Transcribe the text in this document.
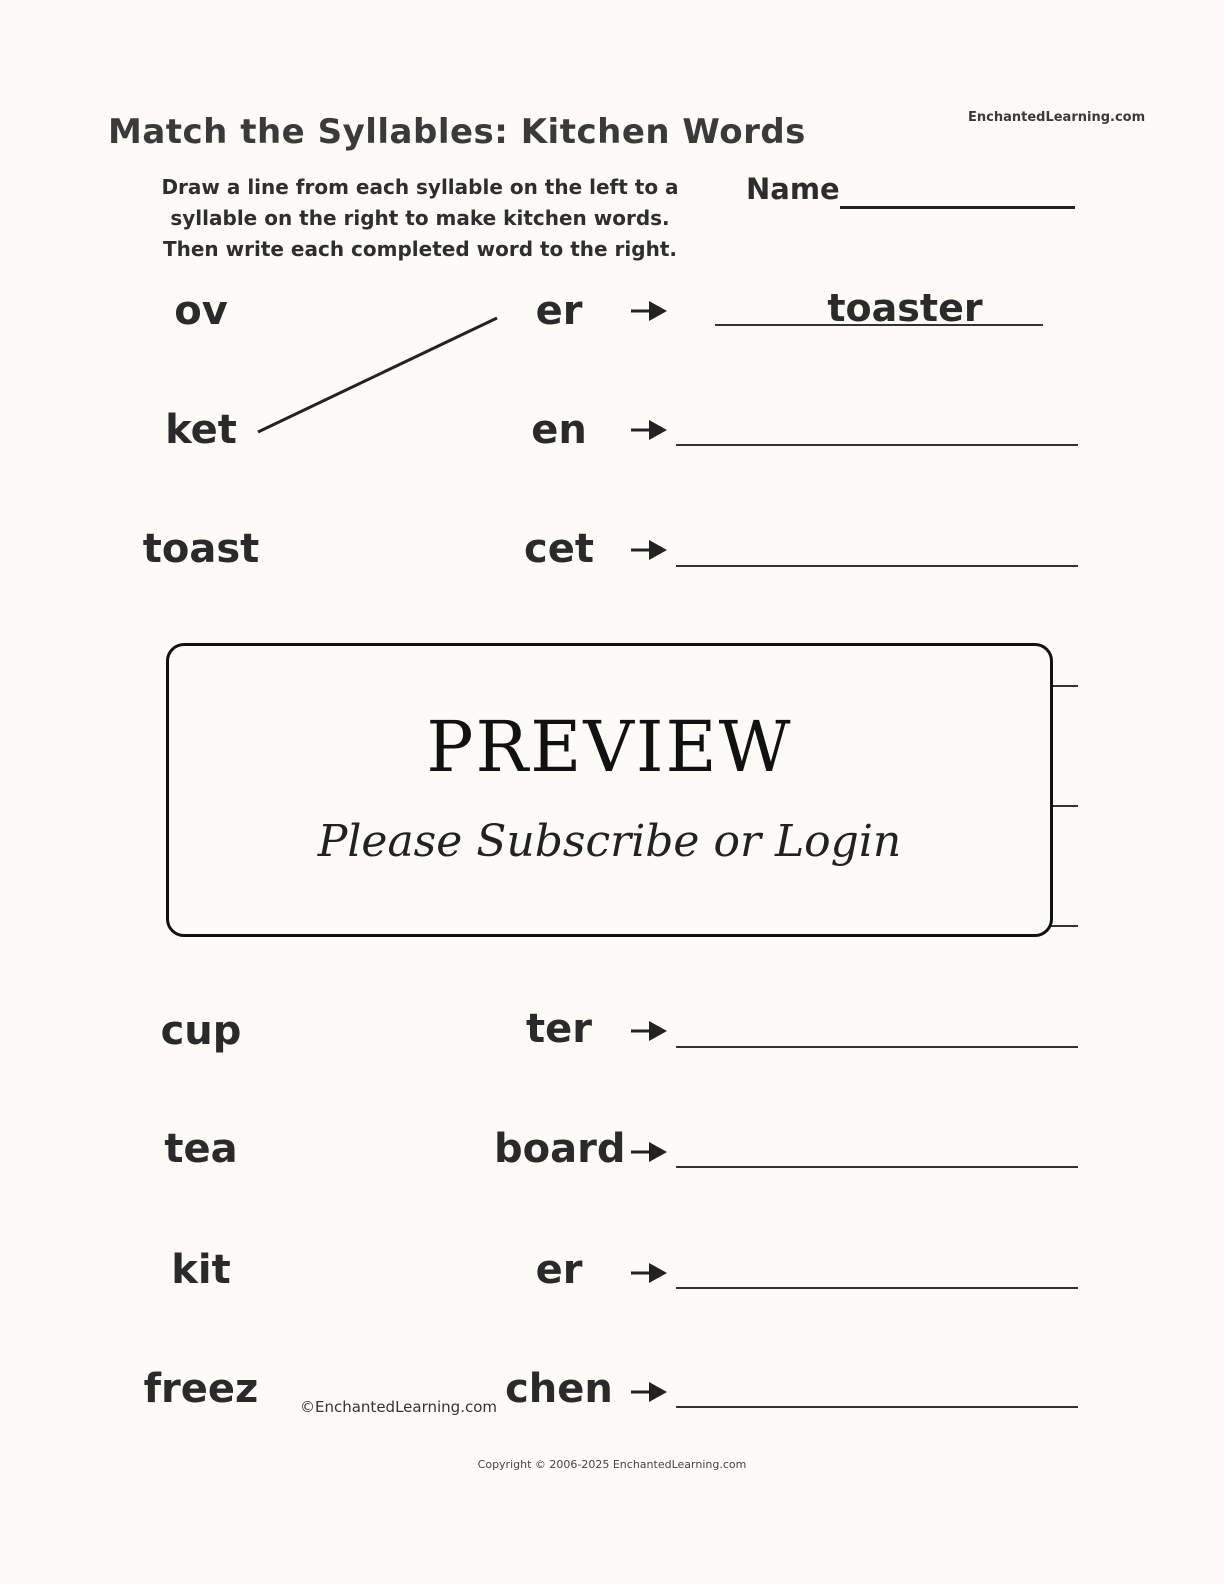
Match the Syllables: Kitchen Words	EnchantedLearning.com
Draw a line from each syllable on the left to a
syllable on the right to make kitchen words.
Then write each completed word to the right.
Name
ov	er	toaster
ket	en
toast	cet
PREVIEW
Please Subscribe or Login
cup	ter
tea	board
kit	er
freez	chen
©EnchantedLearning.com
Copyright © 2006-2025 EnchantedLearning.com
